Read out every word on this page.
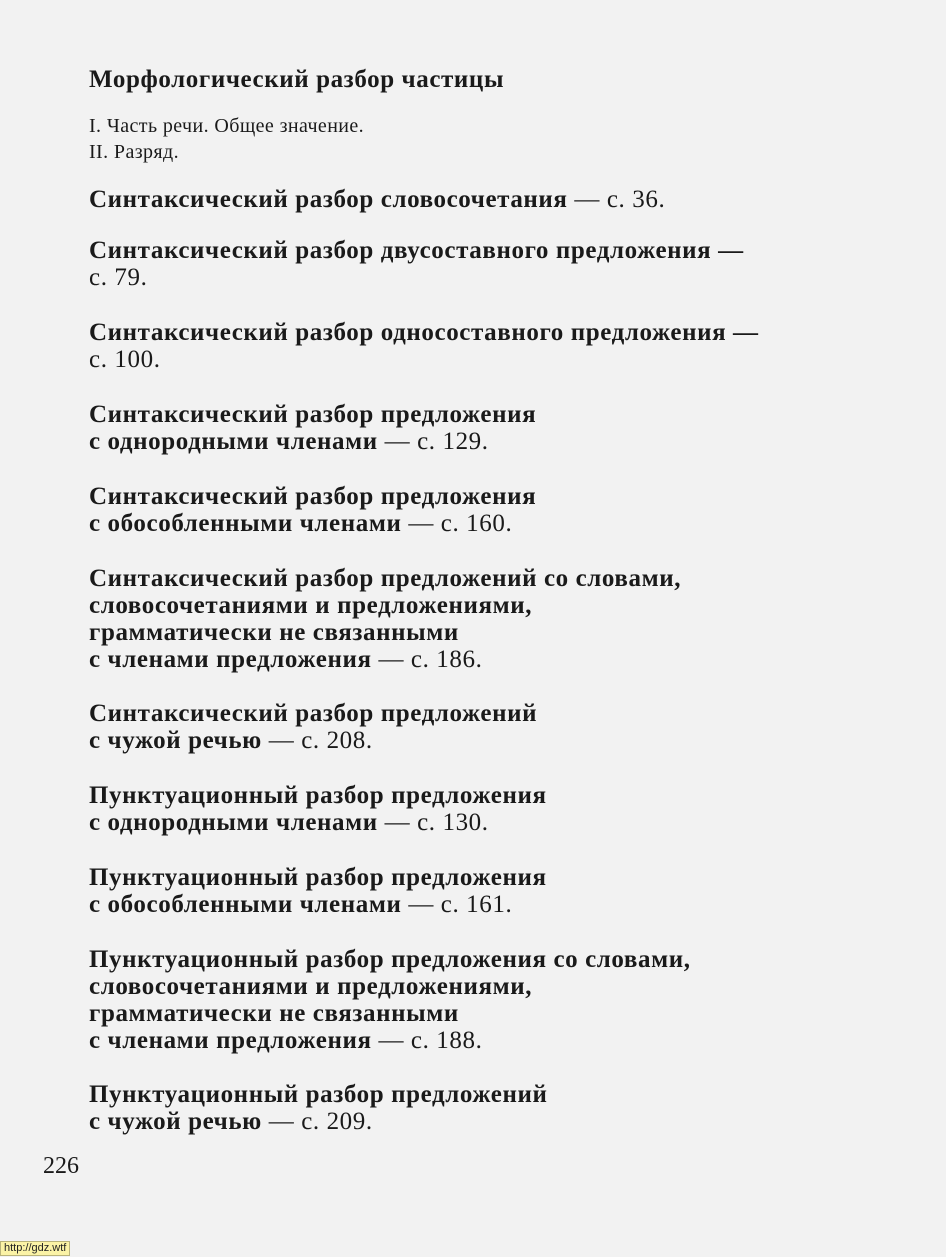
Морфологический разбор частицы
I. Часть речи. Общее значение.
II. Разряд.
Синтаксический разбор словосочетания — с. 36.
Синтаксический разбор двусоставного предложения —
с. 79.
Синтаксический разбор односоставного предложения —
с. 100.
Синтаксический разбор предложения
с однородными членами — с. 129.
Синтаксический разбор предложения
с обособленными членами — с. 160.
Синтаксический разбор предложений со словами,
словосочетаниями и предложениями,
грамматически не связанными
с членами предложения — с. 186.
Синтаксический разбор предложений
с чужой речью — с. 208.
Пунктуационный разбор предложения
с однородными членами — с. 130.
Пунктуационный разбор предложения
с обособленными членами — с. 161.
Пунктуационный разбор предложения со словами,
словосочетаниями и предложениями,
грамматически не связанными
с членами предложения — с. 188.
Пунктуационный разбор предложений
с чужой речью — с. 209.
226
http://gdz.wtf
